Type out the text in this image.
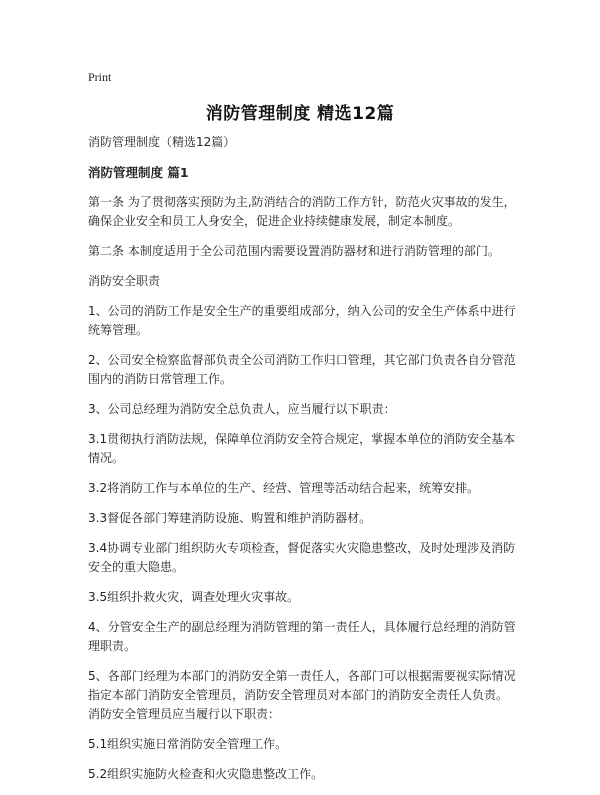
Print
消防管理制度 精选12篇

消防管理制度（精选12篇）

消防管理制度 篇1

第一条 为了贯彻落实预防为主,防消结合的消防工作方针，防范火灾事故的发生，确保企业安全和员工人身安全，促进企业持续健康发展，制定本制度。

第二条 本制度适用于全公司范围内需要设置消防器材和进行消防管理的部门。

消防安全职责

1、公司的消防工作是安全生产的重要组成部分，纳入公司的安全生产体系中进行统筹管理。

2、公司安全检察监督部负责全公司消防工作归口管理，其它部门负责各自分管范围内的消防日常管理工作。

3、公司总经理为消防安全总负责人，应当履行以下职责：

3.1贯彻执行消防法规，保障单位消防安全符合规定，掌握本单位的消防安全基本情况。

3.2将消防工作与本单位的生产、经营、管理等活动结合起来，统筹安排。

3.3督促各部门筹建消防设施、购置和维护消防器材。

3.4协调专业部门组织防火专项检查，督促落实火灾隐患整改，及时处理涉及消防安全的重大隐患。

3.5组织扑救火灾，调查处理火灾事故。

4、分管安全生产的副总经理为消防管理的第一责任人，具体履行总经理的消防管理职责。

5、各部门经理为本部门的消防安全第一责任人，各部门可以根据需要视实际情况指定本部门消防安全管理员，消防安全管理员对本部门的消防安全责任人负责。消防安全管理员应当履行以下职责：

5.1组织实施日常消防安全管理工作。

5.2组织实施防火检查和火灾隐患整改工作。
